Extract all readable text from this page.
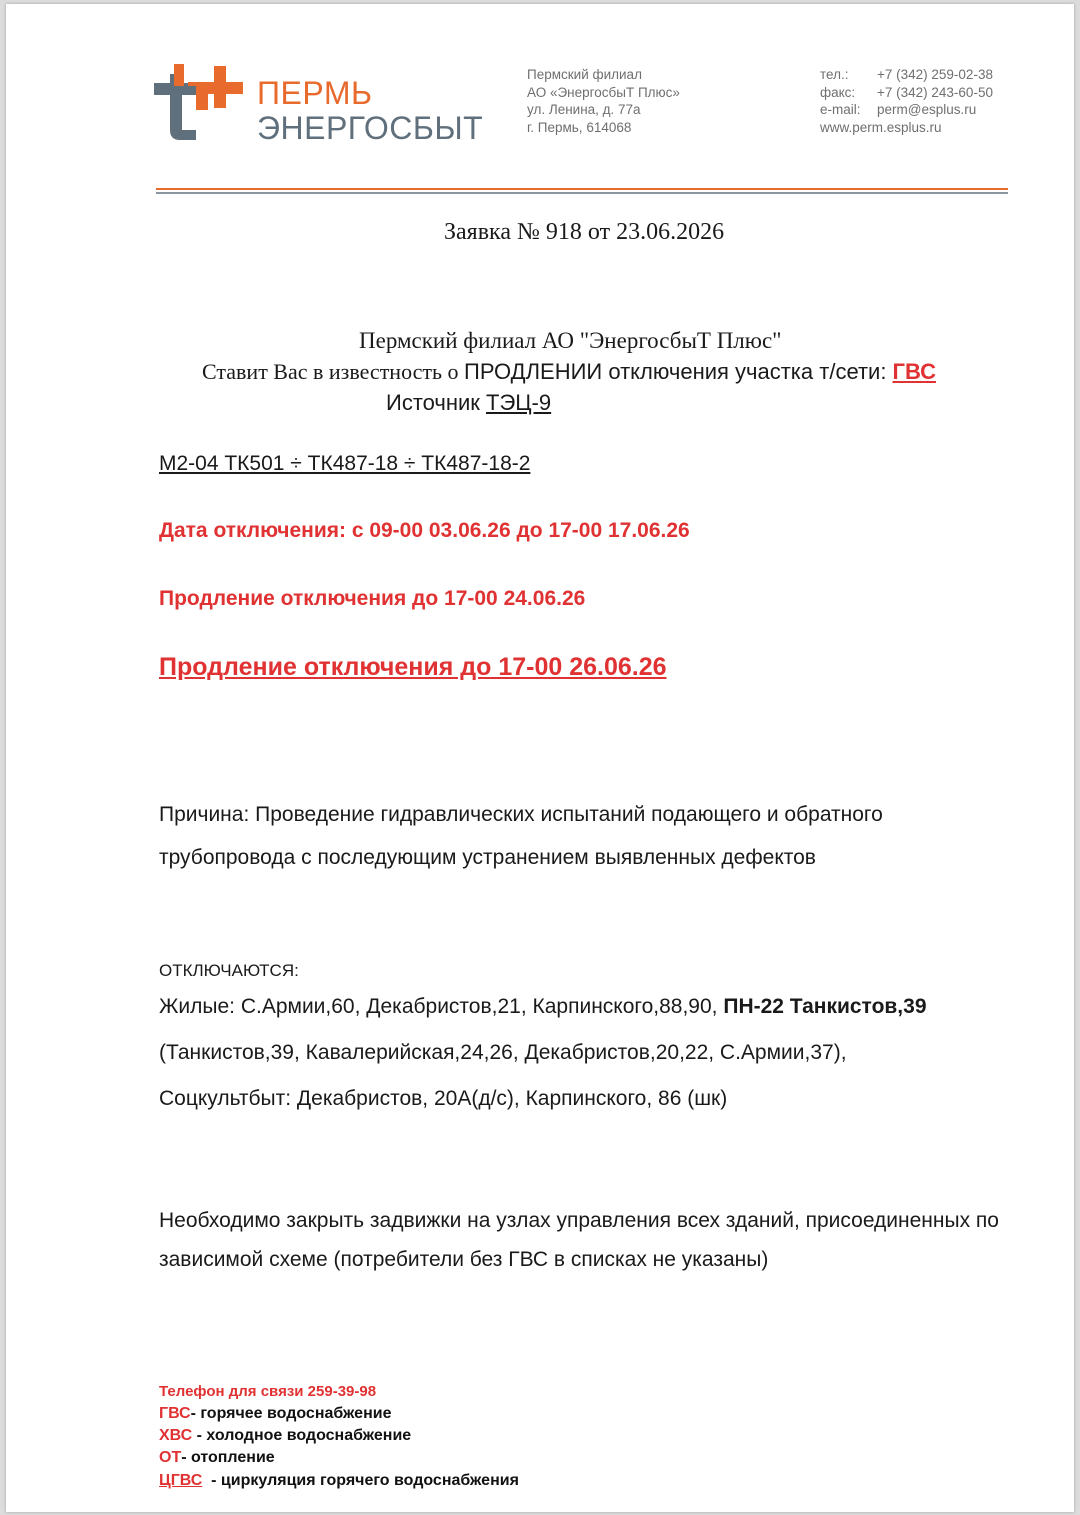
ПЕРМЬ
ЭНЕРГОСБЫТ
Пермский филиал
АО «ЭнергосбыТ Плюс»
ул. Ленина, д. 77а
г. Пермь, 614068
тел.: +7 (342) 259-02-38
факс: +7 (342) 243-60-50
e-mail: perm@esplus.ru
www.perm.esplus.ru
Заявка № 918 от 23.06.2026
Пермский филиал АО "ЭнергосбыТ Плюс"
Ставит Вас в известность о ПРОДЛЕНИИ отключения участка т/сети: ГВС
Источник ТЭЦ-9
М2-04 ТК501 ÷ ТК487-18 ÷ ТК487-18-2
Дата отключения: с 09-00 03.06.26 до 17-00 17.06.26
Продление отключения до 17-00 24.06.26
Продление отключения до 17-00 26.06.26
Причина: Проведение гидравлических испытаний подающего и обратного
трубопровода с последующим устранением выявленных дефектов
ОТКЛЮЧАЮТСЯ:
Жилые: С.Армии,60, Декабристов,21, Карпинского,88,90, ПН-22 Танкистов,39
(Танкистов,39, Кавалерийская,24,26, Декабристов,20,22, С.Армии,37),
Соцкультбыт: Декабристов, 20А(д/с), Карпинского, 86 (шк)
Необходимо закрыть задвижки на узлах управления всех зданий, присоединенных по
зависимой схеме (потребители без ГВС в списках не указаны)
Телефон для связи 259-39-98
ГВС- горячее водоснабжение
ХВС - холодное водоснабжение
ОТ- отопление
ЦГВС  - циркуляция горячего водоснабжения
